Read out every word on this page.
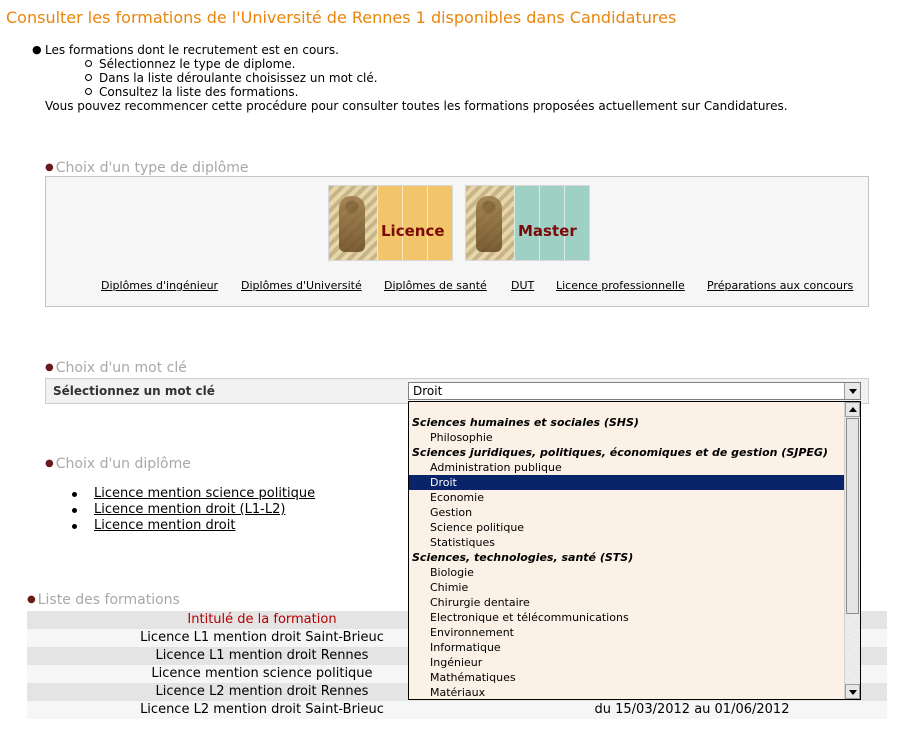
Consulter les formations de l'Université de Rennes 1 disponibles dans Candidatures
● Les formations dont le recrutement est en cours.
Sélectionnez le type de diplome.
Dans la liste déroulante choisissez un mot clé.
Consultez la liste des formations.
Vous pouvez recommencer cette procédure pour consulter toutes les formations proposées actuellement sur Candidatures.
● Choix d'un type de diplôme
Licence	Master
Diplômes d'ingénieur Diplômes d'Université Diplômes de santé DUT Licence professionnelle Préparations aux concours
● Choix d'un mot clé
Sélectionnez un mot clé	Droit
● Choix d'un diplôme
Licence mention science politique
Licence mention droit (L1-L2)
Licence mention droit
● Liste des formations
Intitulé de la formation
Licence L1 mention droit Saint-Brieuc
Licence L1 mention droit Rennes
Licence mention science politique
Licence L2 mention droit Rennes
Licence L2 mention droit Saint-Brieuc	du 15/03/2012 au 01/06/2012
Sciences humaines et sociales (SHS)
Philosophie
Sciences juridiques, politiques, économiques et de gestion (SJPEG)
Administration publique
Droit
Economie
Gestion
Science politique
Statistiques
Sciences, technologies, santé (STS)
Biologie
Chimie
Chirurgie dentaire
Electronique et télécommunications
Environnement
Informatique
Ingénieur
Mathématiques
Matériaux
